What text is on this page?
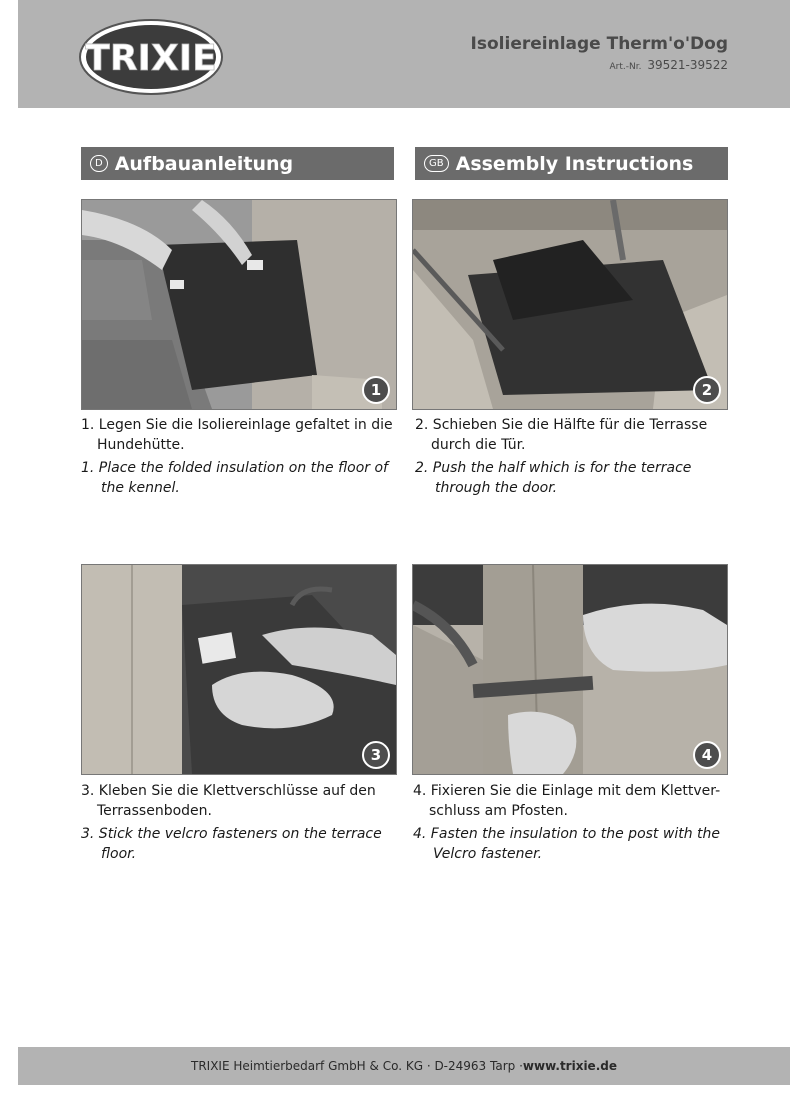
TRIXIE	Isoliereinlage Therm'o'Dog
Art.-Nr. 39521-39522
D Aufbauanleitung	GB Assembly Instructions
1	2
3	4

1. Legen Sie die Isoliereinlage gefaltet in die Hundehütte.

1. Place the folded insulation on the floor of the kennel.

2. Schieben Sie die Hälfte für die Terrasse durch die Tür.

2. Push the half which is for the terrace through the door.

3. Kleben Sie die Klettverschlüsse auf den Terrassenboden.

3. Stick the velcro fasteners on the terrace floor.

4. Fixieren Sie die Einlage mit dem Klettver-schluss am Pfosten.

4. Fasten the insulation to the post with the Velcro fastener.

TRIXIE Heimtierbedarf GmbH & Co. KG · D-24963 Tarp · www.trixie.de
